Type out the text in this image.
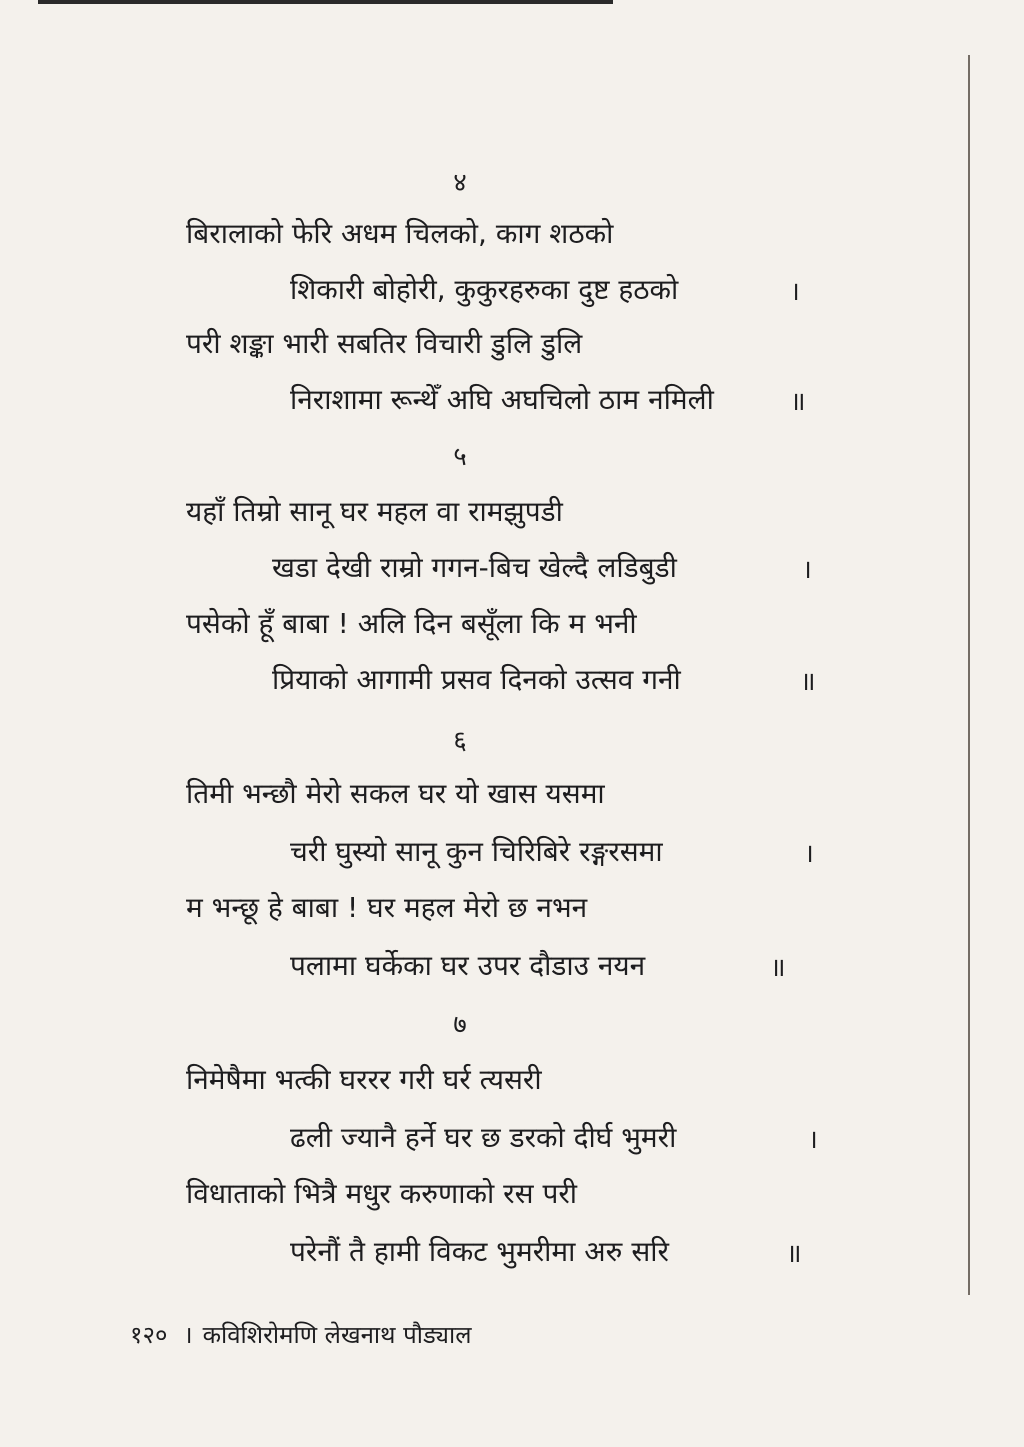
४
बिरालाको फेरि अधम चिलको, काग शठको
शिकारी बोहोरी, कुकुरहरुका दुष्ट हठको	।
परी शङ्का भारी सबतिर विचारी डुलि डुलि
निराशामा रून्थेँ अघि अघचिलो ठाम नमिली	॥
५
यहाँ तिम्रो सानू घर महल वा रामझुपडी
खडा देखी राम्रो गगन-बिच खेल्दै लडिबुडी	।
पसेको हूँ बाबा ! अलि दिन बसूँला कि म भनी
प्रियाको आगामी प्रसव दिनको उत्सव गनी	॥
६
तिमी भन्छौ मेरो सकल घर यो खास यसमा
चरी घुस्यो सानू कुन चिरिबिरे रङ्गरसमा	।
म भन्छू हे बाबा ! घर महल मेरो छ नभन
पलामा घर्केका घर उपर दौडाउ नयन	॥
७
निमेषैमा भत्की घररर गरी घर्र त्यसरी
ढली ज्यानै हर्ने घर छ डरको दीर्घ भुमरी	।
विधाताको भित्रै मधुर करुणाको रस परी
परेनौं तै हामी विकट भुमरीमा अरु सरि	॥
१२० । कविशिरोमणि लेखनाथ पौड्याल
